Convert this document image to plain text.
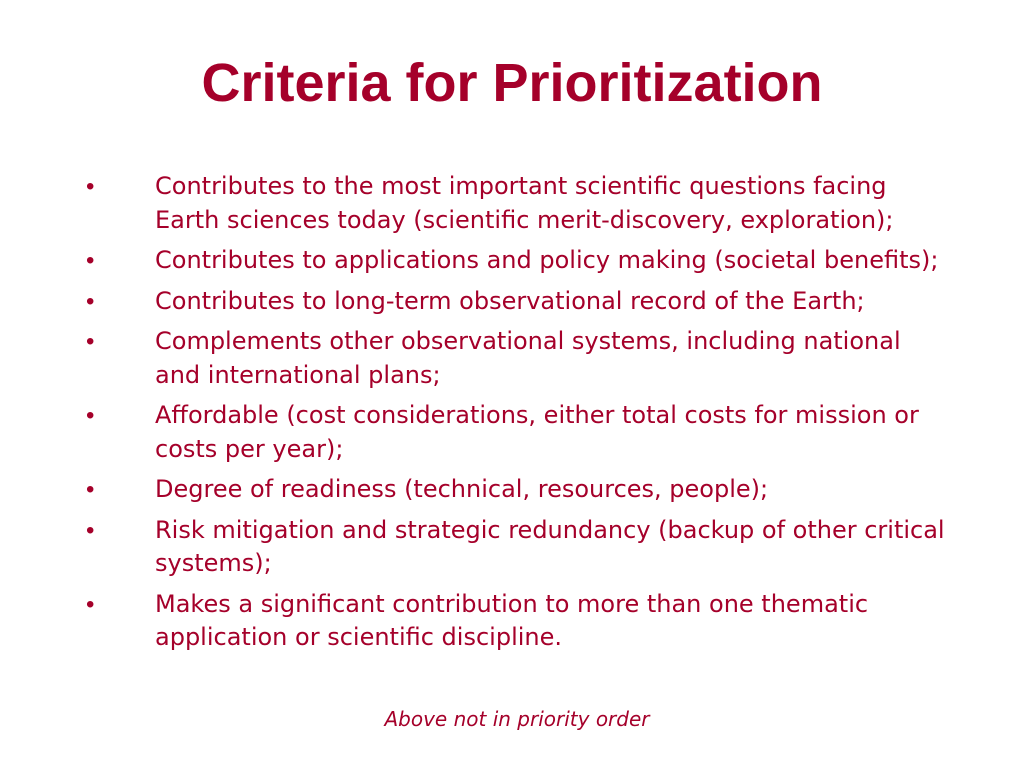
Criteria for Prioritization
•	Contributes to the most important scientific questions facing Earth sciences today (scientific merit-discovery, exploration);
•	Contributes to applications and policy making (societal benefits);
•	Contributes to long-term observational record of the Earth;
•	Complements other observational systems, including national and international plans;
•	Affordable (cost considerations, either total costs for mission or costs per year);
•	Degree of readiness (technical, resources, people);
•	Risk mitigation and strategic redundancy (backup of other critical systems);
•	Makes a significant contribution to more than one thematic application or scientific discipline.

Above not in priority order
